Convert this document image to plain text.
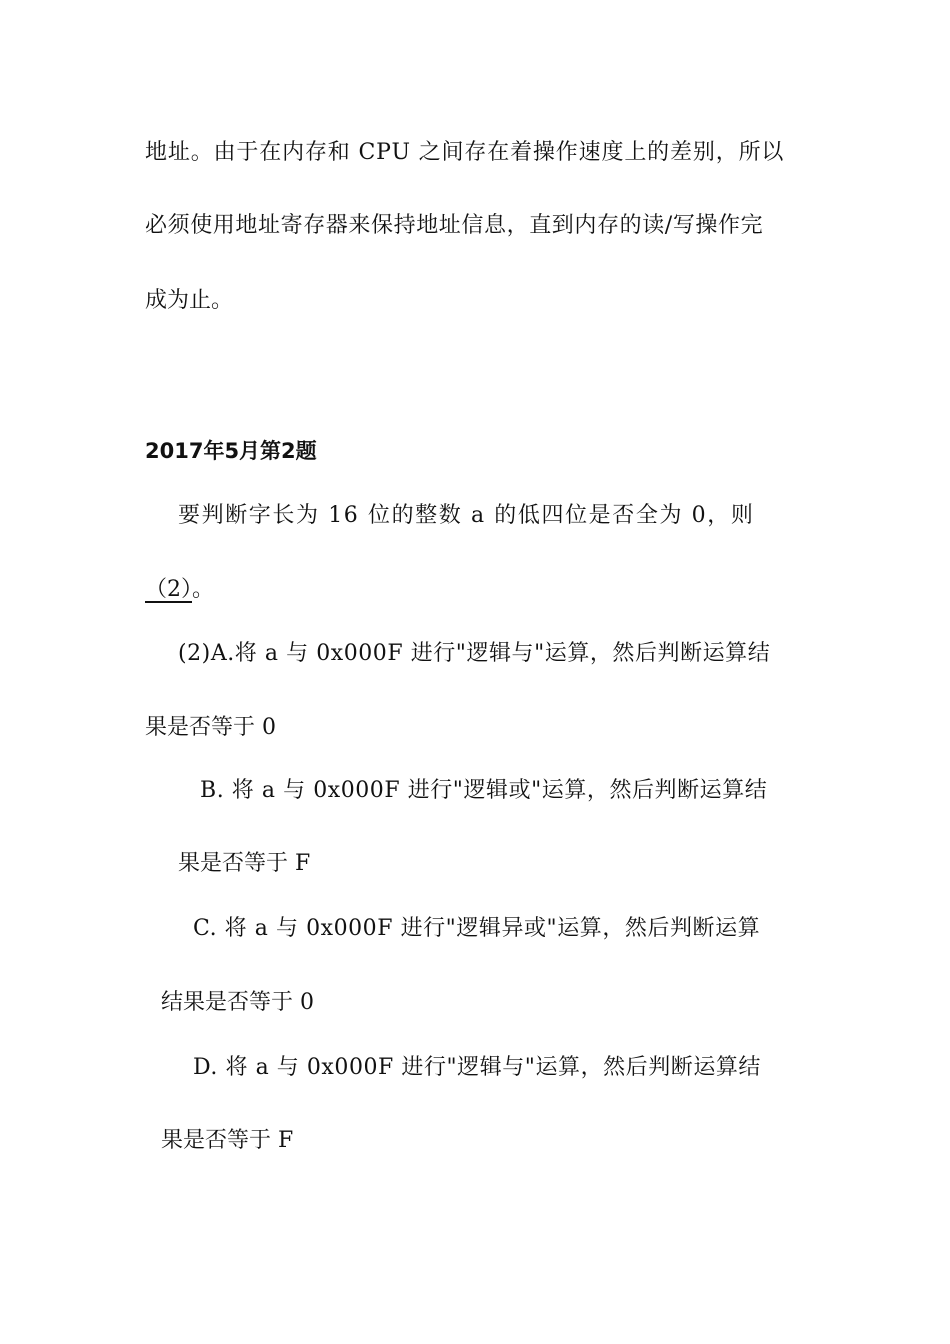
地址。由于在内存和 CPU 之间存在着操作速度上的差别，所以
必须使用地址寄存器来保持地址信息，直到内存的读/写操作完
成为止。
2017年5月第2题
要判断字长为 16 位的整数 a 的低四位是否全为 0，则
（2）。
(2)A.将 a 与 0x000F 进行"逻辑与"运算，然后判断运算结
果是否等于 0
B. 将 a 与 0x000F 进行"逻辑或"运算，然后判断运算结
果是否等于 F
C. 将 a 与 0x000F 进行"逻辑异或"运算，然后判断运算
结果是否等于 0
D. 将 a 与 0x000F 进行"逻辑与"运算，然后判断运算结
果是否等于 F
